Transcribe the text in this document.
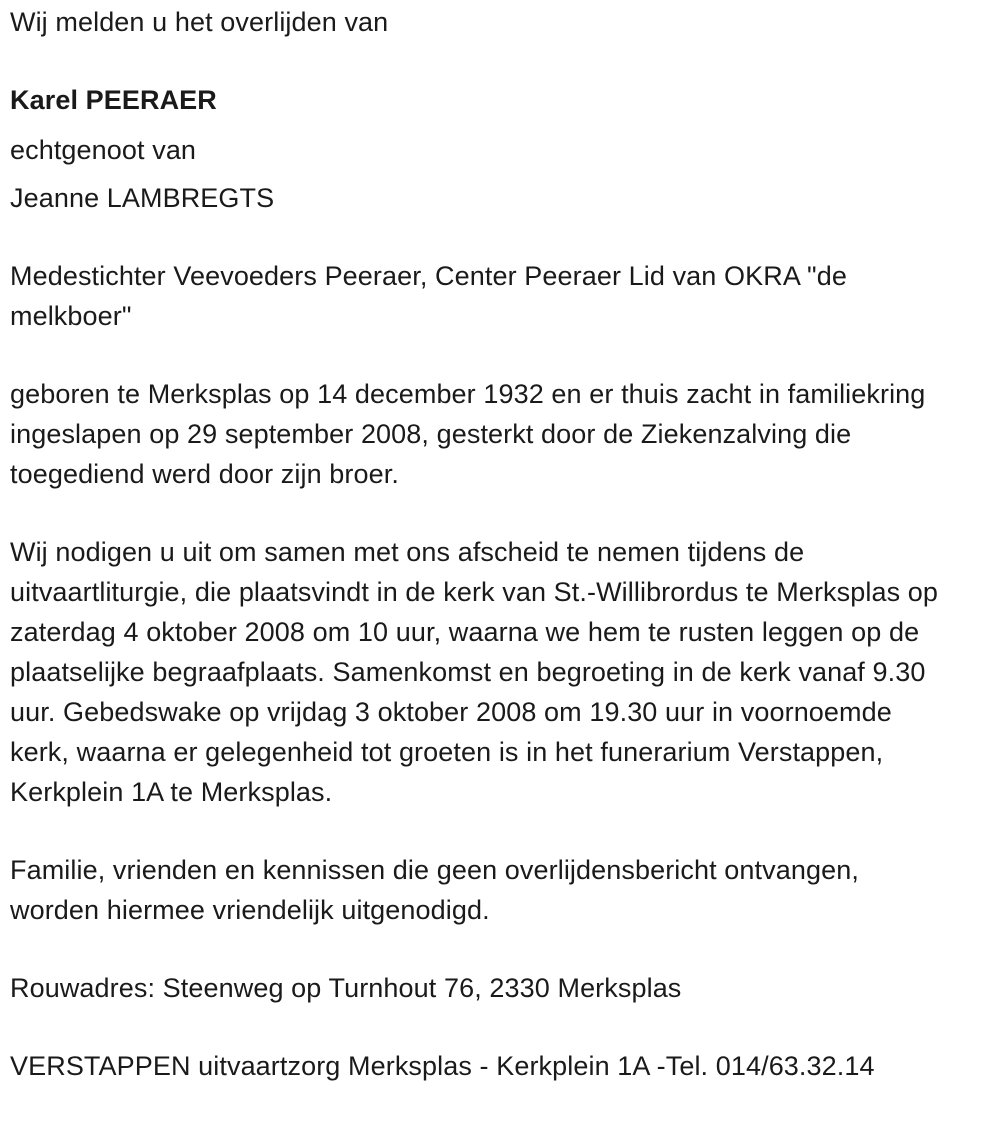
Wij melden u het overlijden van

Karel PEERAER

echtgenoot van

Jeanne LAMBREGTS

Medestichter Veevoeders Peeraer, Center Peeraer Lid van OKRA "de melkboer"

geboren te Merksplas op 14 december 1932 en er thuis zacht in familiekring ingeslapen op 29 september 2008, gesterkt door de Ziekenzalving die toegediend werd door zijn broer.

Wij nodigen u uit om samen met ons afscheid te nemen tijdens de uitvaartliturgie, die plaatsvindt in de kerk van St.-Willibrordus te Merksplas op zaterdag 4 oktober 2008 om 10 uur, waarna we hem te rusten leggen op de plaatselijke begraafplaats. Samenkomst en begroeting in de kerk vanaf 9.30 uur. Gebedswake op vrijdag 3 oktober 2008 om 19.30 uur in voornoemde kerk, waarna er gelegenheid tot groeten is in het funerarium Verstappen, Kerkplein 1A te Merksplas.

Familie, vrienden en kennissen die geen overlijdensbericht ontvangen, worden hiermee vriendelijk uitgenodigd.

Rouwadres: Steenweg op Turnhout 76, 2330 Merksplas

VERSTAPPEN uitvaartzorg Merksplas - Kerkplein 1A -Tel. 014/63.32.14
